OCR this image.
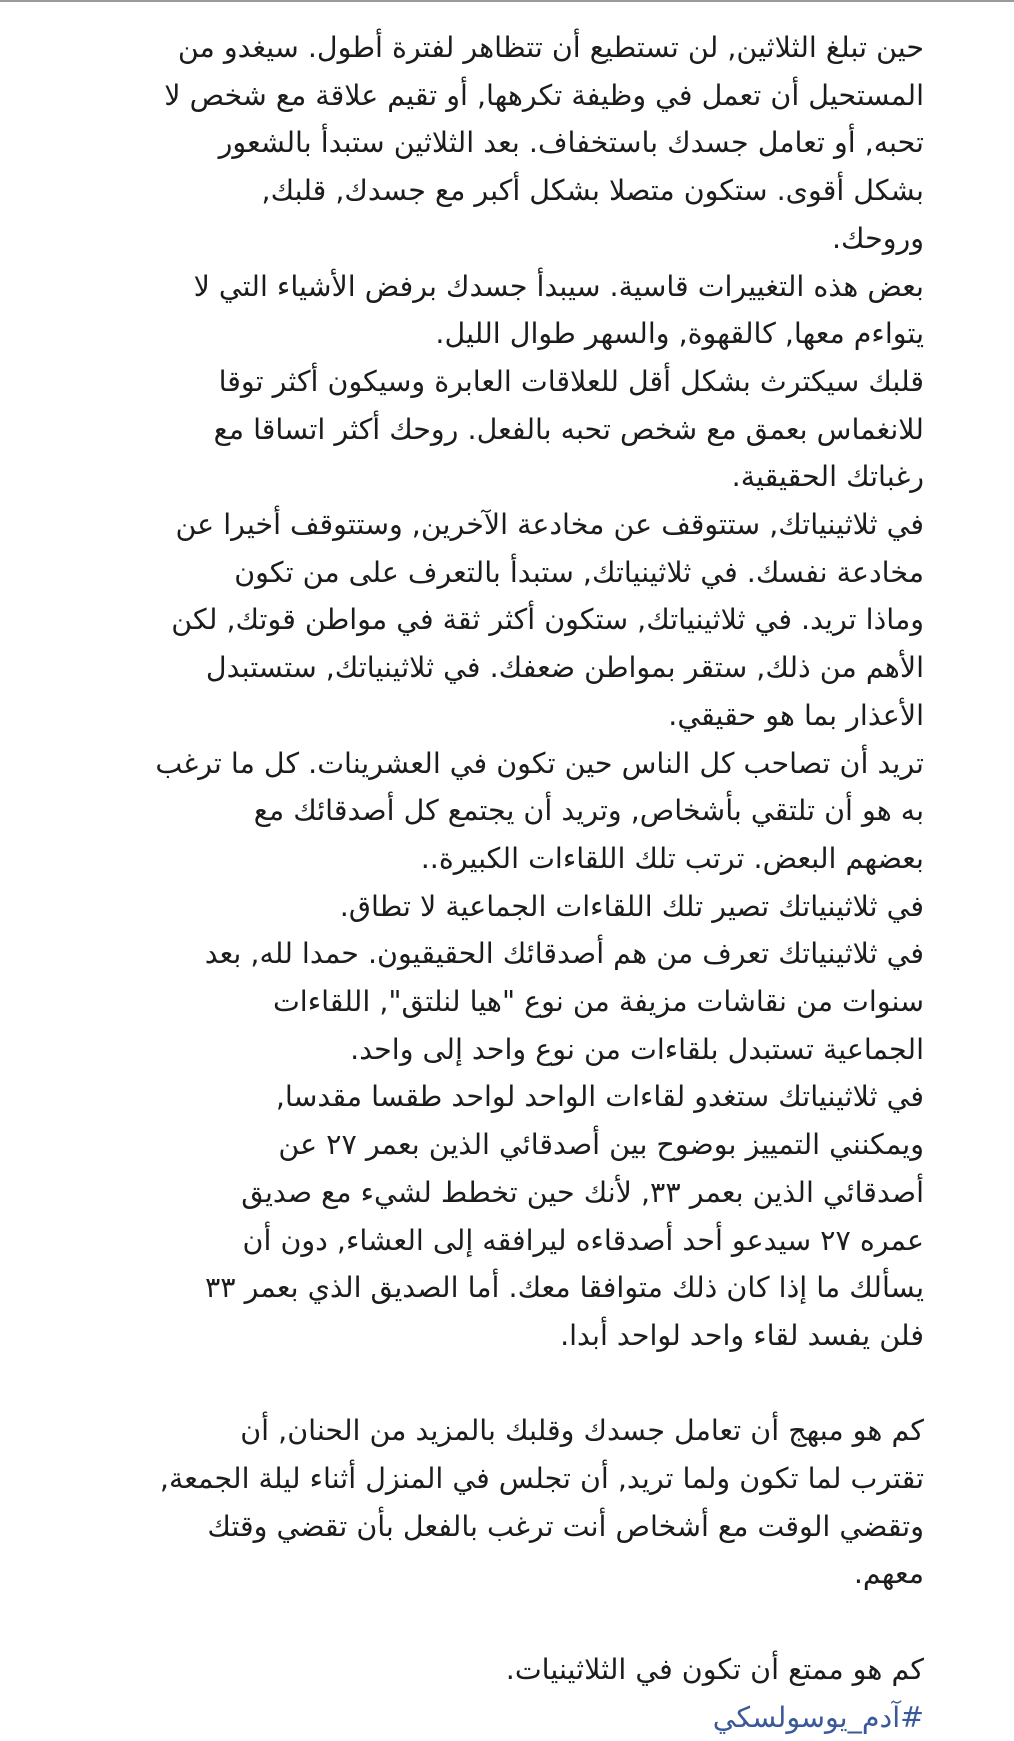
حين تبلغ الثلاثين, لن تستطيع أن تتظاهر لفترة أطول. سيغدو من

المستحيل أن تعمل في وظيفة تكرهها, أو تقيم علاقة مع شخص لا

تحبه, أو تعامل جسدك باستخفاف. بعد الثلاثين ستبدأ بالشعور

بشكل أقوى. ستكون متصلا بشكل أكبر مع جسدك, قلبك,

وروحك.

بعض هذه التغييرات قاسية. سيبدأ جسدك برفض الأشياء التي لا

يتواءم معها, كالقهوة, والسهر طوال الليل.

قلبك سيكترث بشكل أقل للعلاقات العابرة وسيكون أكثر توقا

للانغماس بعمق مع شخص تحبه بالفعل. روحك أكثر اتساقا مع

رغباتك الحقيقية.

في ثلاثينياتك, ستتوقف عن مخادعة الآخرين, وستتوقف أخيرا عن

مخادعة نفسك. في ثلاثينياتك, ستبدأ بالتعرف على من تكون

وماذا تريد. في ثلاثينياتك, ستكون أكثر ثقة في مواطن قوتك, لكن

الأهم من ذلك, ستقر بمواطن ضعفك. في ثلاثينياتك, ستستبدل

الأعذار بما هو حقيقي.

تريد أن تصاحب كل الناس حين تكون في العشرينات. كل ما ترغب

به هو أن تلتقي بأشخاص, وتريد أن يجتمع كل أصدقائك مع

بعضهم البعض. ترتب تلك اللقاءات الكبيرة..

في ثلاثينياتك تصير تلك اللقاءات الجماعية لا تطاق.

في ثلاثينياتك تعرف من هم أصدقائك الحقيقيون. حمدا لله, بعد

سنوات من نقاشات مزيفة من نوع "هيا لنلتق", اللقاءات

الجماعية تستبدل بلقاءات من نوع واحد إلى واحد.

في ثلاثينياتك ستغدو لقاءات الواحد لواحد طقسا مقدسا,

ويمكنني التمييز بوضوح بين أصدقائي الذين بعمر ٢٧ عن

أصدقائي الذين بعمر ٣٣, لأنك حين تخطط لشيء مع صديق

عمره ٢٧ سيدعو أحد أصدقاءه ليرافقه إلى العشاء, دون أن

يسألك ما إذا كان ذلك متوافقا معك. أما الصديق الذي بعمر ٣٣

فلن يفسد لقاء واحد لواحد أبدا.

كم هو مبهج أن تعامل جسدك وقلبك بالمزيد من الحنان, أن

تقترب لما تكون ولما تريد, أن تجلس في المنزل أثناء ليلة الجمعة,

وتقضي الوقت مع أشخاص أنت ترغب بالفعل بأن تقضي وقتك

معهم.

كم هو ممتع أن تكون في الثلاثينيات.

#آدم_يوسولسكي
